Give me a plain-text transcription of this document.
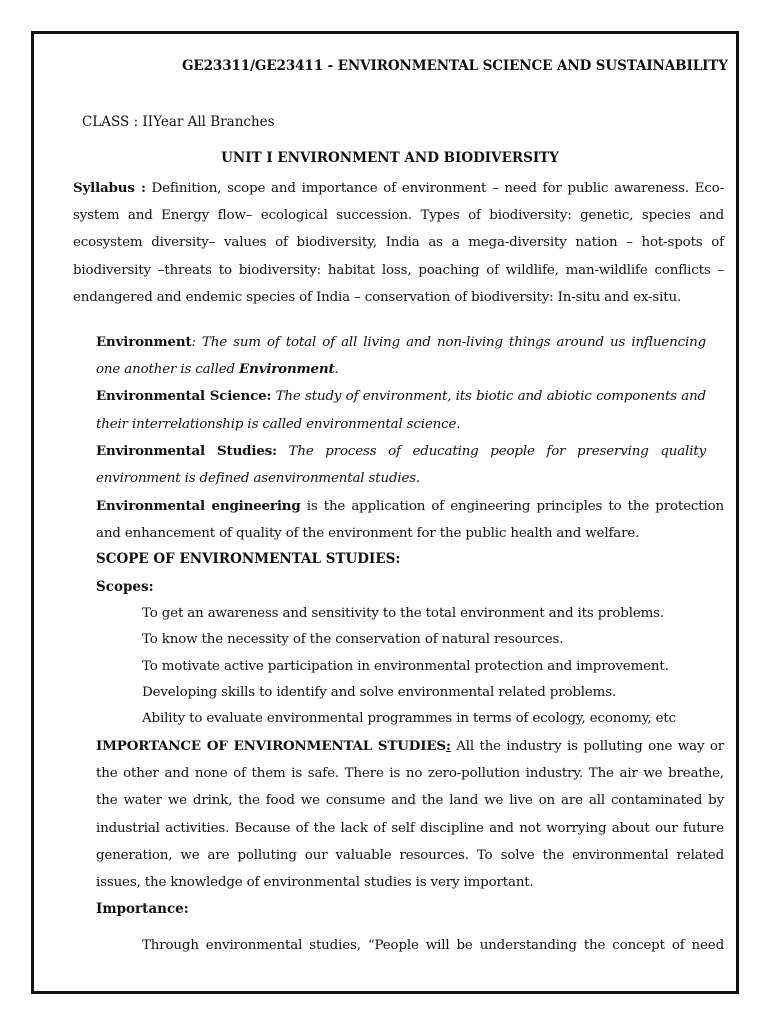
GE23311/GE23411 - ENVIRONMENTAL SCIENCE AND SUSTAINABILITY
CLASS : IIYear All Branches
UNIT I ENVIRONMENT AND BIODIVERSITY
Syllabus : Definition, scope and importance of environment – need for public awareness. Eco-system and Energy flow– ecological succession. Types of biodiversity: genetic, species and ecosystem diversity– values of biodiversity, India as a mega-diversity nation – hot-spots of biodiversity –threats to biodiversity: habitat loss, poaching of wildlife, man-wildlife conflicts – endangered and endemic species of India – conservation of biodiversity: In-situ and ex-situ.

Environment: The sum of total of all living and non-living things around us influencing one another is called Environment.

Environmental Science: The study of environment, its biotic and abiotic components and their interrelationship is called environmental science.

Environmental Studies: The process of educating people for preserving quality environment is defined asenvironmental studies.

Environmental engineering is the application of engineering principles to the protection and enhancement of quality of the environment for the public health and welfare.
SCOPE OF ENVIRONMENTAL STUDIES:
Scopes:
To get an awareness and sensitivity to the total environment and its problems.
To know the necessity of the conservation of natural resources.
To motivate active participation in environmental protection and improvement.
Developing skills to identify and solve environmental related problems.
Ability to evaluate environmental programmes in terms of ecology, economy, etc
IMPORTANCE OF ENVIRONMENTAL STUDIES: All the industry is polluting one way or the other and none of them is safe. There is no zero-pollution industry. The air we breathe, the water we drink, the food we consume and the land we live on are all contaminated by industrial activities. Because of the lack of self discipline and not worrying about our future generation, we are polluting our valuable resources. To solve the environmental related issues, the knowledge of environmental studies is very important.
Importance:
Through environmental studies, “People will be understanding the concept of need
